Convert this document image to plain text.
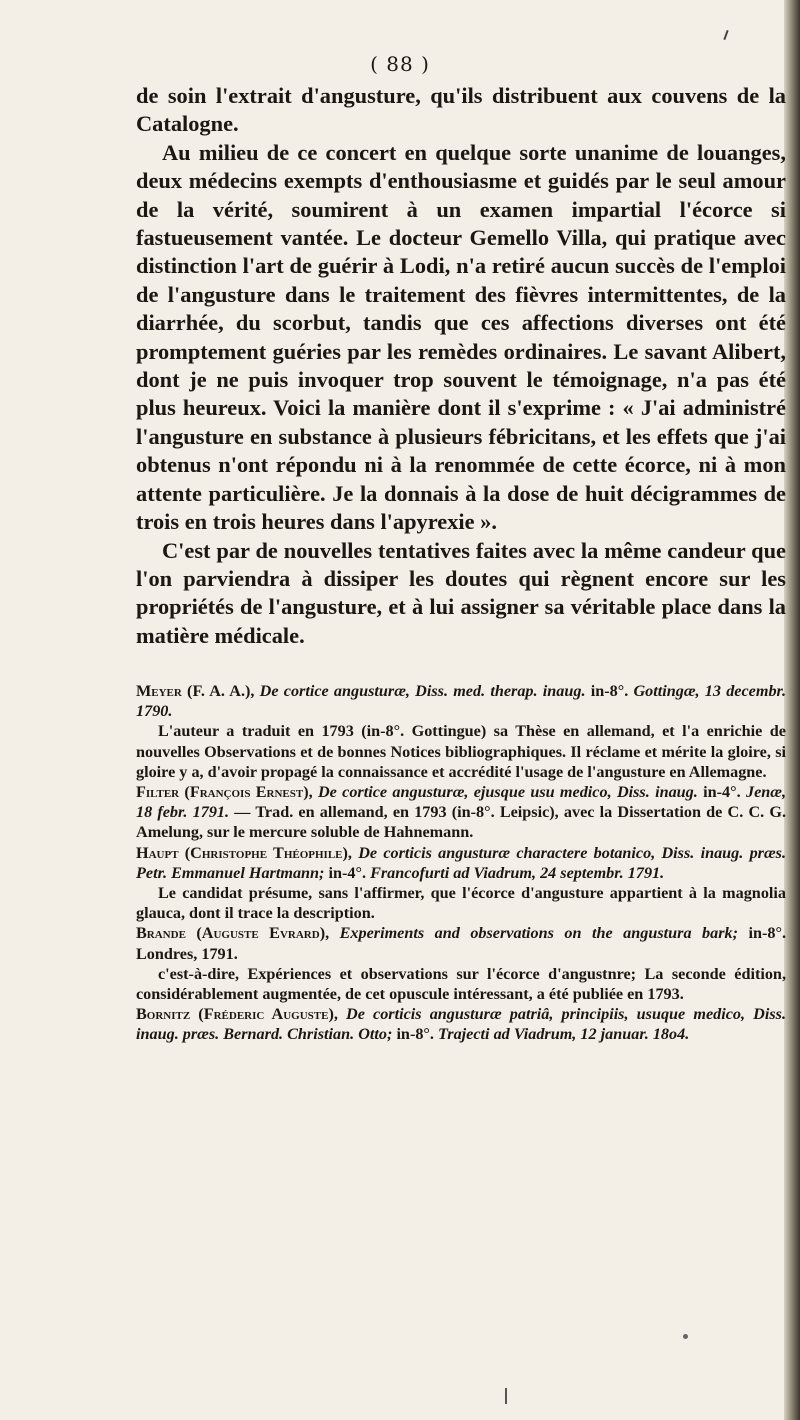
( 88 )

de soin l'extrait d'angusture, qu'ils distribuent aux couvens de la Catalogne.

Au milieu de ce concert en quelque sorte unanime de louanges, deux médecins exempts d'enthousiasme et guidés par le seul amour de la vérité, soumirent à un examen impartial l'écorce si fastueusement vantée. Le docteur Gemello Villa, qui pratique avec distinction l'art de guérir à Lodi, n'a retiré aucun succès de l'emploi de l'angusture dans le traitement des fièvres intermittentes, de la diarrhée, du scorbut, tandis que ces affections diverses ont été promptement guéries par les remèdes ordinaires. Le savant Alibert, dont je ne puis invoquer trop souvent le témoignage, n'a pas été plus heureux. Voici la manière dont il s'exprime : « J'ai administré l'angusture en substance à plusieurs fébricitans, et les effets que j'ai obtenus n'ont répondu ni à la renommée de cette écorce, ni à mon attente particulière. Je la donnais à la dose de huit décigrammes de trois en trois heures dans l'apyrexie ».

C'est par de nouvelles tentatives faites avec la même candeur que l'on parviendra à dissiper les doutes qui règnent encore sur les propriétés de l'angusture, et à lui assigner sa véritable place dans la matière médicale.

Meyer (F. A. A.), De cortice angusturæ, Diss. med. therap. inaug. in-8°. Gottingæ, 13 decembr. 1790.
L'auteur a traduit en 1793 (in-8°. Gottingue) sa Thèse en allemand, et l'a enrichie de nouvelles Observations et de bonnes Notices bibliographiques. Il réclame et mérite la gloire, si gloire y a, d'avoir propagé la connaissance et accrédité l'usage de l'angusture en Allemagne.
Filter (François Ernest), De cortice angusturæ, ejusque usu medico, Diss. inaug. in-4°. Jenæ, 18 febr. 1791. — Trad. en allemand, en 1793 (in-8°. Leipsic), avec la Dissertation de C. C. G. Amelung, sur le mercure soluble de Hahnemann.
Haupt (Christophe Théophile), De corticis angusturæ charactere botanico, Diss. inaug. præs. Petr. Emmanuel Hartmann; in-4°. Francofurti ad Viadrum, 24 septembr. 1791.
Le candidat présume, sans l'affirmer, que l'écorce d'angusture appartient à la magnolia glauca, dont il trace la description.
Brande (Auguste Evrard), Experiments and observations on the angustura bark; in-8°. Londres, 1791.
c'est-à-dire, Expériences et observations sur l'écorce d'angustnre; La seconde édition, considérablement augmentée, de cet opuscule intéressant, a été publiée en 1793.
Bornitz (Fréderic Auguste), De corticis angusturæ patriâ, principiis, usuque medico, Diss. inaug. præs. Bernard. Christian. Otto; in-8°. Trajecti ad Viadrum, 12 januar. 18o4.
